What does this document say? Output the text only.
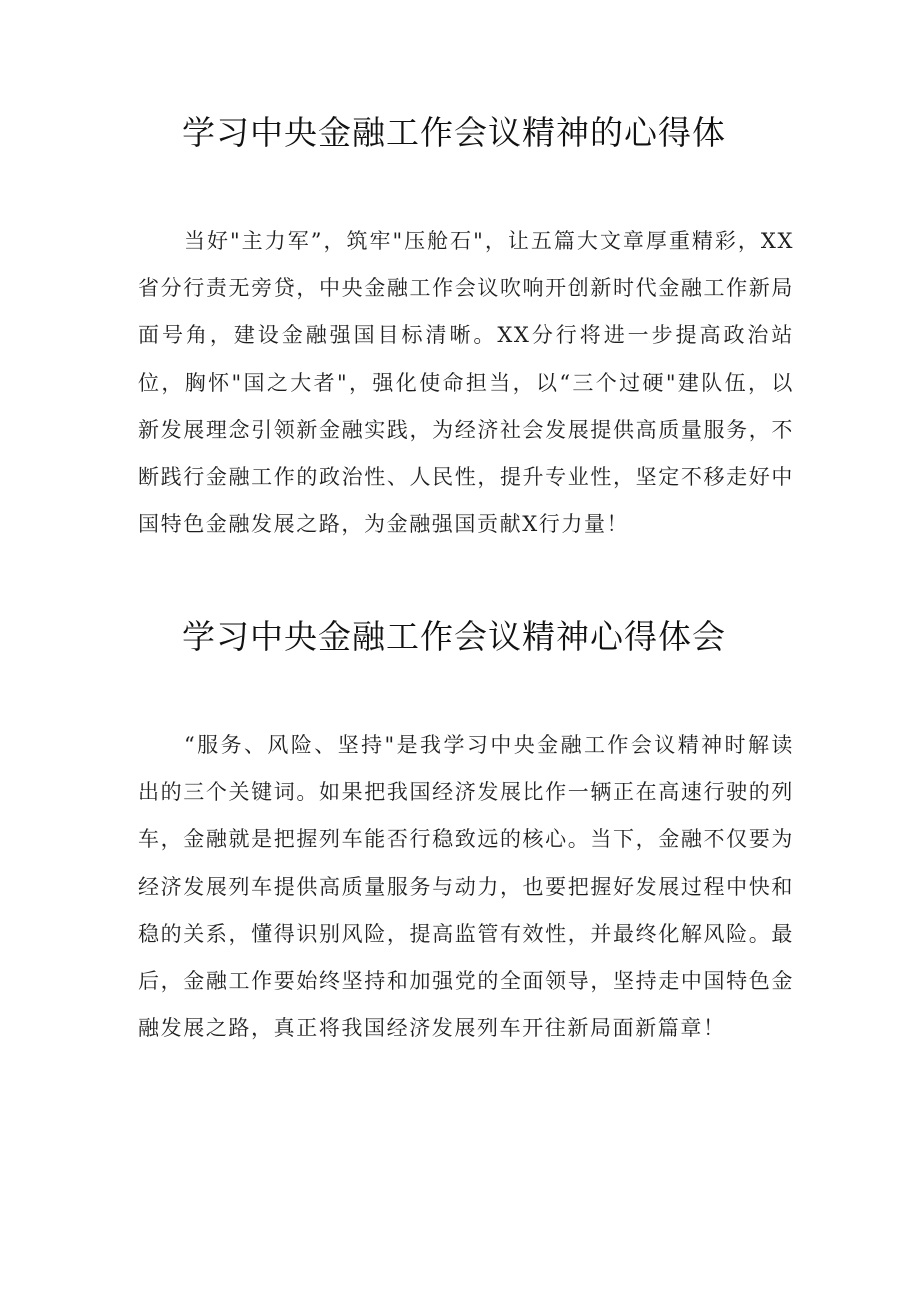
学习中央金融工作会议精神的心得体

当好"主力军”，筑牢"压舱石"，让五篇大文章厚重精彩，XX省分行责无旁贷，中央金融工作会议吹响开创新时代金融工作新局面号角，建设金融强国目标清晰。XX分行将进一步提高政治站位，胸怀"国之大者"，强化使命担当，以“三个过硬"建队伍，以新发展理念引领新金融实践，为经济社会发展提供高质量服务，不断践行金融工作的政治性、人民性，提升专业性，坚定不移走好中国特色金融发展之路，为金融强国贡献X行力量！

学习中央金融工作会议精神心得体会

“服务、风险、坚持"是我学习中央金融工作会议精神时解读出的三个关键词。如果把我国经济发展比作一辆正在高速行驶的列车，金融就是把握列车能否行稳致远的核心。当下，金融不仅要为经济发展列车提供高质量服务与动力，也要把握好发展过程中快和稳的关系，懂得识别风险，提高监管有效性，并最终化解风险。最后，金融工作要始终坚持和加强党的全面领导，坚持走中国特色金融发展之路，真正将我国经济发展列车开往新局面新篇章！
